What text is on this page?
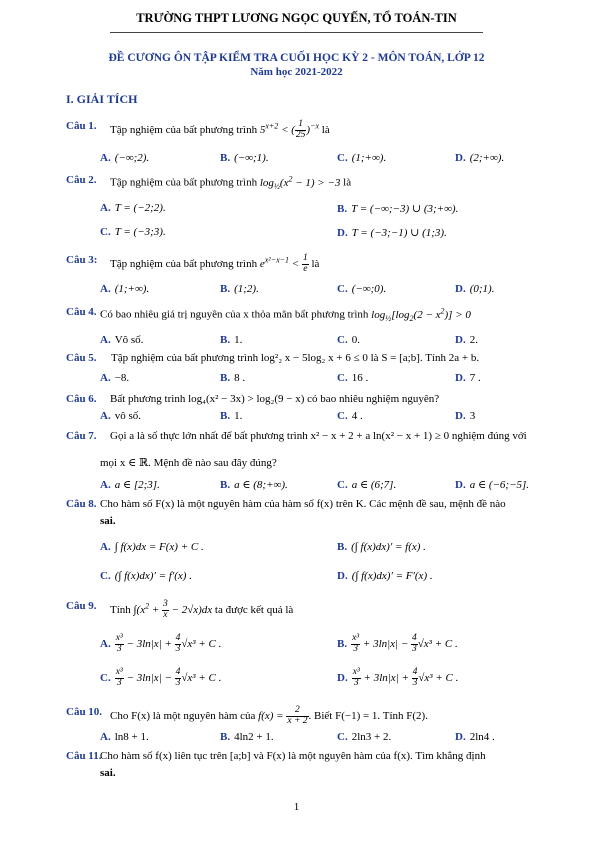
TRƯỜNG THPT LƯƠNG NGỌC QUYẾN, TỔ TOÁN-TIN
ĐỀ CƯƠNG ÔN TẬP KIỂM TRA CUỐI HỌC KỲ 2 - MÔN TOÁN, LỚP 12
Năm học 2021-2022
I. GIẢI TÍCH
Câu 1. Tập nghiệm của bất phương trình $5^{x+2}$ < ( $\frac{1}{25} )^{-x}$ là
A. (−∞;2).	B. (−∞;1).	C. (1;+∞).	D. (2;+∞).
Câu 2. Tập nghiệm của bất phương trình $\log_{\frac{1}{2}}(x^2 - 1) > -3$ là
A. T = (−2;2).	B. T = (−∞;−3) ∪ (3;+∞).
C. T = (−3;3).	D. T = (−3;−1) ∪ (1;3).
Câu 3: Tập nghiệm của bất phương trình $e^{x^2-x-1} < \frac{1}{e}$ là
A. (1;+∞).	B. (1;2).	C. (−∞;0).	D. (0;1).
Câu 4. Có bao nhiêu giá trị nguyên của x thỏa mãn bất phương trình $\log_{\frac{1}{2}}[\log_2(2 - x^2)] > 0$
A. Vô số.	B. 1.	C. 0.	D. 2.
Câu 5. Tập nghiệm của bất phương trình log²₂ x − 5log₂ x + 6 ≤ 0 là S = [a;b]. Tính 2a + b.
A. −8.	B. 8 .	C. 16 .	D. 7 .
Câu 6. Bất phương trình log₄(x² − 3x) > log₂(9 − x) có bao nhiêu nghiệm nguyên?
A. vô số.	B. 1.	C. 4 .	D. 3
Câu 7. Gọi a là số thực lớn nhất để bất phương trình x² − x + 2 + a ln(x² − x + 1) ≥ 0 nghiệm đúng với
mọi x ∈ ℝ. Mệnh đề nào sau đây đúng?
A. a ∈ [2;3].	B. a ∈ (8;+∞).	C. a ∈ (6;7].	D. a ∈ (−6;−5].
Câu 8. Cho hàm số F(x) là một nguyên hàm của hàm số f(x) trên K. Các mệnh đề sau, mệnh đề nào
sai.
A. ∫ f(x)dx = F(x) + C .	B. (∫ f(x)dx)′ = f(x) .
C. (∫ f(x)dx)′ = f′(x) .	D. (∫ f(x)dx)′ = F′(x) .
Câu 9. Tính $\int(x^2 + \frac{3}{x} - 2√x)dx$ ta được kết quả là
A. $\frac{\text{x³}}{3} - 3\ln|x| + \frac{4}{3} √x^3 + C$ .	B. $\frac{\text{x³}}{3} + 3\ln|x| - \frac{4}{3} √x^3 + C$ .
C. $\frac{\text{x³}}{3} - 3\ln|x| - \frac{4}{3} √x^3 + C$ .	D. $\frac{\text{x³}}{3} + 3\ln|x| + \frac{4}{3} √x^3 + C$ .
Câu 10. Cho F(x) là một nguyên hàm của $f(x) = \frac{2}{x + 2}$ . Biết F(−1) = 1. Tính F(2).
A. ln8 + 1.	B. 4ln2 + 1.	C. 2ln3 + 2.	D. 2ln4 .
Câu 11.
Cho hàm số f(x) liên tục trên [a;b] và F(x) là một nguyên hàm của f(x). Tìm khẳng định
sai.
1
